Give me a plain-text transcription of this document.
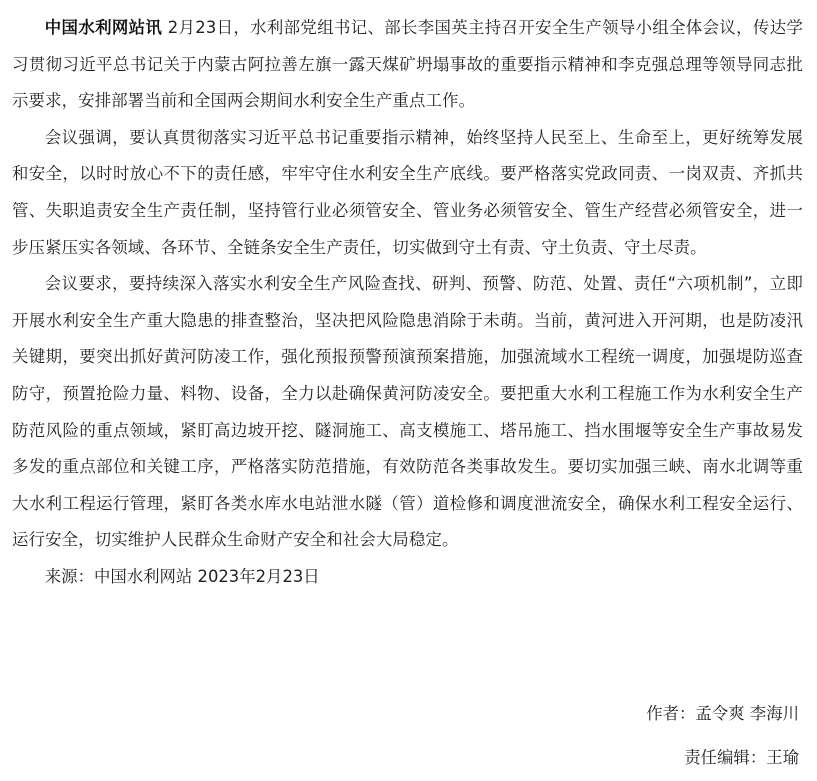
中国水利网站讯 2月23日，水利部党组书记、部长李国英主持召开安全生产领导小组全体会议，传达学习贯彻习近平总书记关于内蒙古阿拉善左旗一露天煤矿坍塌事故的重要指示精神和李克强总理等领导同志批示要求，安排部署当前和全国两会期间水利安全生产重点工作。

会议强调，要认真贯彻落实习近平总书记重要指示精神，始终坚持人民至上、生命至上，更好统筹发展和安全，以时时放心不下的责任感，牢牢守住水利安全生产底线。要严格落实党政同责、一岗双责、齐抓共管、失职追责安全生产责任制，坚持管行业必须管安全、管业务必须管安全、管生产经营必须管安全，进一步压紧压实各领域、各环节、全链条安全生产责任，切实做到守土有责、守土负责、守土尽责。

会议要求，要持续深入落实水利安全生产风险查找、研判、预警、防范、处置、责任“六项机制”，立即开展水利安全生产重大隐患的排查整治，坚决把风险隐患消除于未萌。当前，黄河进入开河期，也是防凌汛关键期，要突出抓好黄河防凌工作，强化预报预警预演预案措施，加强流域水工程统一调度，加强堤防巡查防守，预置抢险力量、料物、设备，全力以赴确保黄河防凌安全。要把重大水利工程施工作为水利安全生产防范风险的重点领域，紧盯高边坡开挖、隧洞施工、高支模施工、塔吊施工、挡水围堰等安全生产事故易发多发的重点部位和关键工序，严格落实防范措施，有效防范各类事故发生。要切实加强三峡、南水北调等重大水利工程运行管理，紧盯各类水库水电站泄水隧（管）道检修和调度泄流安全，确保水利工程安全运行、运行安全，切实维护人民群众生命财产安全和社会大局稳定。

来源：中国水利网站 2023年2月23日

作者：孟令爽 李海川
责任编辑：王瑜
